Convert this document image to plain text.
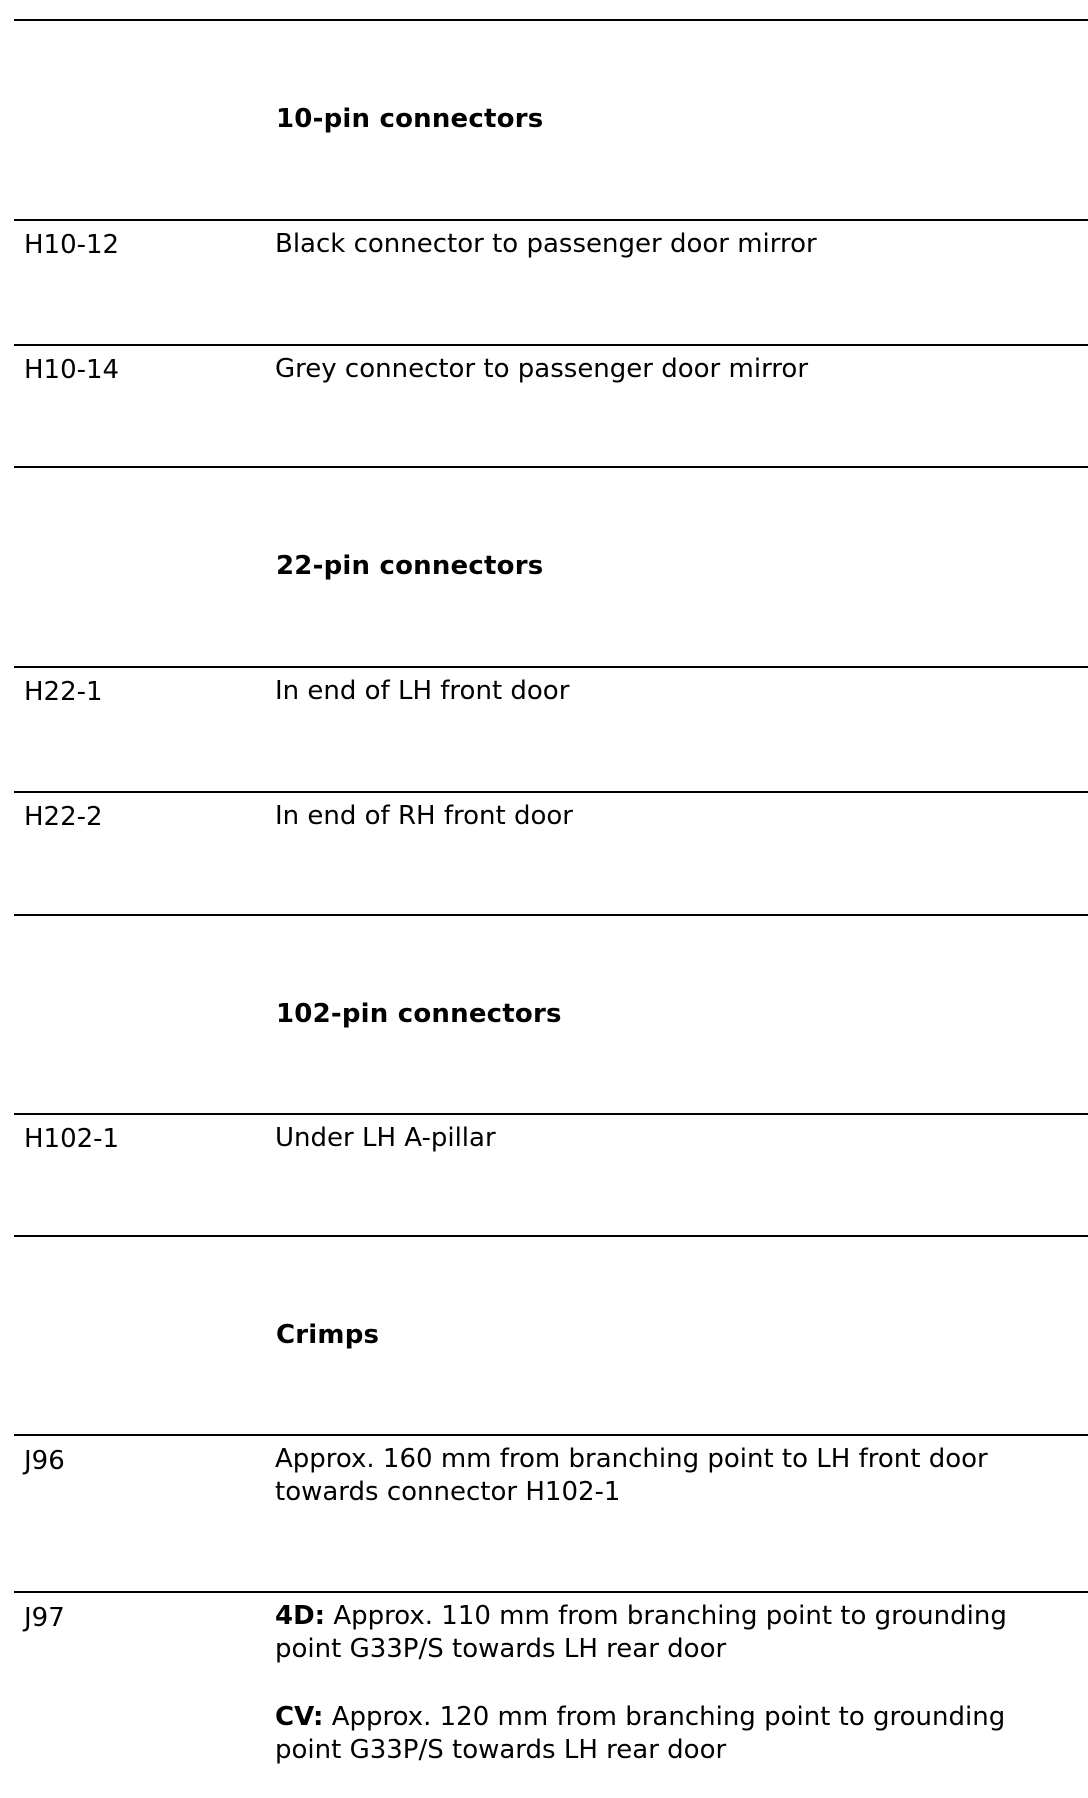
10-pin connectors
H10-12	Black connector to passenger door mirror
H10-14	Grey connector to passenger door mirror
22-pin connectors
H22-1	In end of LH front door
H22-2	In end of RH front door
102-pin connectors
H102-1	Under LH A-pillar
Crimps
J96	Approx. 160 mm from branching point to LH front door towards connector H102-1
J97	4D: Approx. 110 mm from branching point to grounding point G33P/S towards LH rear door
CV: Approx. 120 mm from branching point to grounding point G33P/S towards LH rear door
